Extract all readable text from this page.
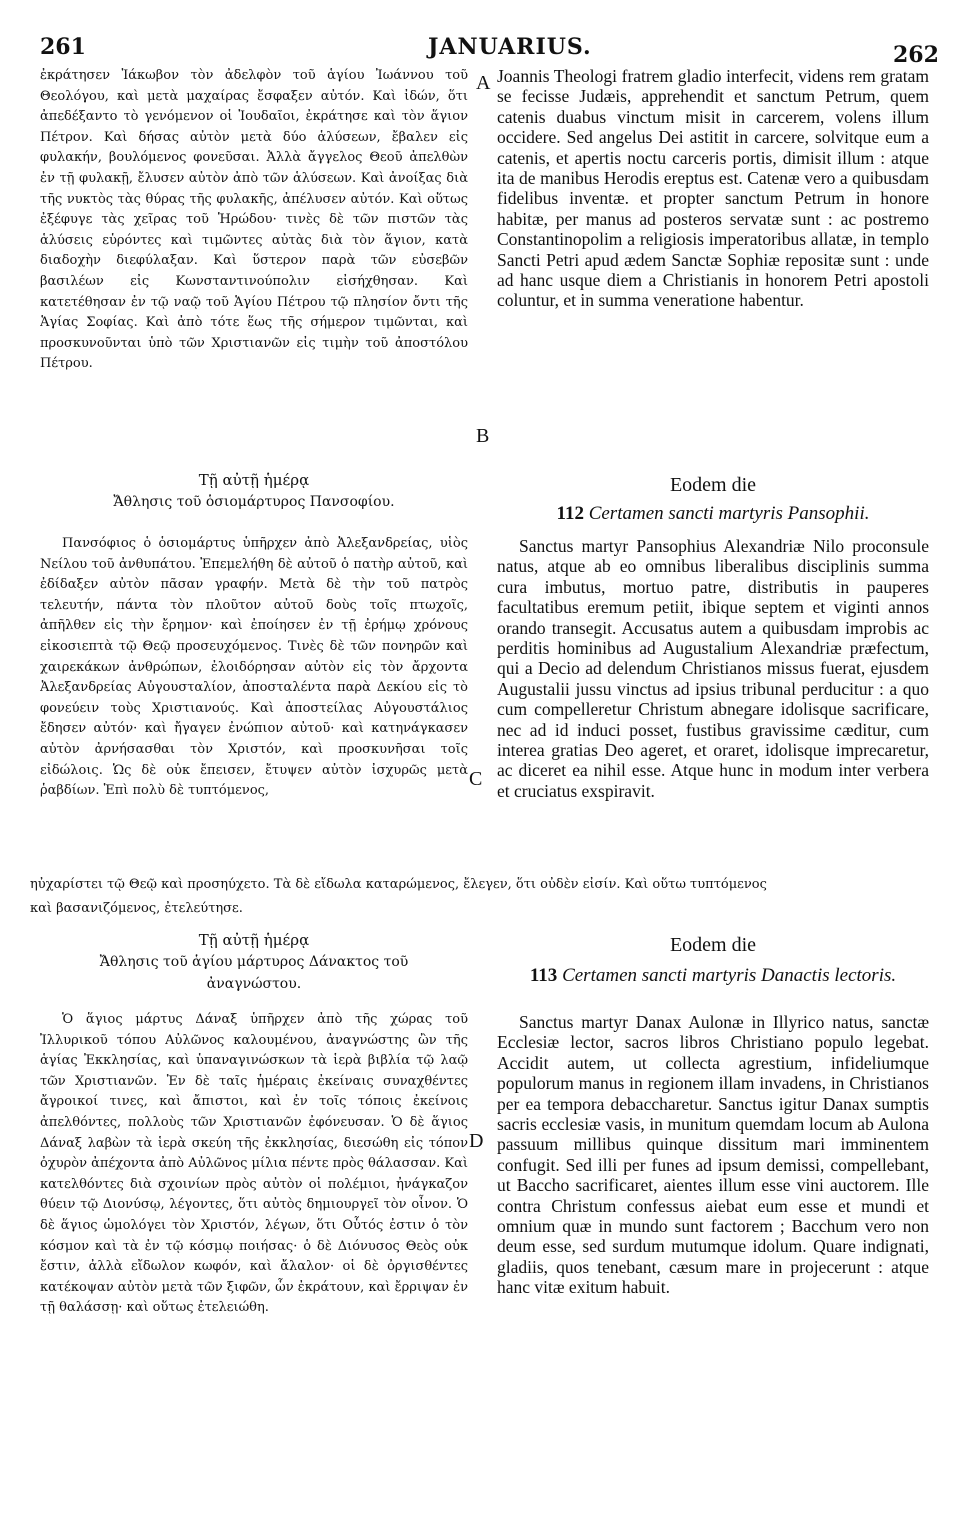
261	JANUARIUS.	262

ἐκράτησεν Ἰάκωβον τὸν ἀδελφὸν τοῦ ἁγίου Ἰωάννου τοῦ Θεολόγου, καὶ μετὰ μαχαίρας ἔσφαξεν αὐτόν. Καὶ ἰδών, ὅτι ἀπεδέξαντο τὸ γενόμενον οἱ Ἰουδαῖοι, ἐκράτησε καὶ τὸν ἅγιον Πέτρον. Καὶ δήσας αὐτὸν μετὰ δύο ἁλύσεων, ἔβαλεν εἰς φυλακήν, βουλόμενος φονεῦσαι. Ἀλλὰ ἄγγελος Θεοῦ ἀπελθὼν ἐν τῇ φυλακῇ, ἔλυσεν αὐτὸν ἀπὸ τῶν ἁλύσεων. Καὶ ἀνοίξας διὰ τῆς νυκτὸς τὰς θύρας τῆς φυλακῆς, ἀπέλυσεν αὐτόν. Καὶ οὕτως ἐξέφυγε τὰς χεῖρας τοῦ Ἡρώδου· τινὲς δὲ τῶν πιστῶν τὰς ἁλύσεις εὑρόντες καὶ τιμῶντες αὐτὰς διὰ τὸν ἅγιον, κατὰ διαδοχὴν διεφύλαξαν. Καὶ ὕστερον παρὰ τῶν εὐσεβῶν βασιλέων εἰς Κωνσταντινούπολιν εἰσήχθησαν. Καὶ κατετέθησαν ἐν τῷ ναῷ τοῦ Ἁγίου Πέτρου τῷ πλησίον ὄντι τῆς Ἁγίας Σοφίας. Καὶ ἀπὸ τότε ἕως τῆς σήμερον τιμῶνται, καὶ προσκυνοῦνται ὑπὸ τῶν Χριστιανῶν εἰς τιμὴν τοῦ ἀποστόλου Πέτρου.

A Joannis Theologi fratrem gladio interfecit, videns rem gratam se fecisse Judæis, apprehendit et sanctum Petrum, quem catenis duabus vinctum misit in carcerem, volens illum occidere. Sed angelus Dei astitit in carcere, solvitque eum a catenis, et apertis noctu carceris portis, dimisit illum : atque ita de manibus Herodis ereptus est. Catenæ vero a quibusdam fidelibus inventæ. et propter sanctum Petrum in honore habitæ, per manus ad posteros servatæ sunt : ac postremo Constantinopolim a religiosis imperatoribus allatæ, in templo Sancti Petri apud ædem Sanctæ Sophiæ repositæ sunt : unde ad hanc usque diem a Christianis in honorem Petri apostoli coluntur, et in summa veneratione habentur.

B

Τῇ αὐτῇ ἡμέρᾳ

Ἄθλησις τοῦ ὁσιομάρτυρος Πανσοφίου.

Eodem die

112 Certamen sancti martyris Pansophii.

Πανσόφιος ὁ ὁσιομάρτυς ὑπῆρχεν ἀπὸ Ἀλεξανδρείας, υἱὸς Νείλου τοῦ ἀνθυπάτου. Ἐπεμελήθη δὲ αὐτοῦ ὁ πατὴρ αὐτοῦ, καὶ ἐδίδαξεν αὐτὸν πᾶσαν γραφήν. Μετὰ δὲ τὴν τοῦ πατρὸς τελευτήν, πάντα τὸν πλοῦτον αὐτοῦ δοὺς τοῖς πτωχοῖς, ἀπῆλθεν εἰς τὴν ἔρημον· καὶ ἐποίησεν ἐν τῇ ἐρήμῳ χρόνους εἰκοσιεπτὰ τῷ Θεῷ προσευχόμενος. Τινὲς δὲ τῶν πονηρῶν καὶ χαιρεκάκων ἀνθρώπων, ἐλοιδόρησαν αὐτὸν εἰς τὸν ἄρχοντα Ἀλεξανδρείας Αὐγουσταλίον, ἀποσταλέντα παρὰ Δεκίου εἰς τὸ φονεύειν τοὺς Χριστιανούς. Καὶ ἀποστείλας Αὐγουστάλιος ἔδησεν αὐτόν· καὶ ἤγαγεν ἐνώπιον αὐτοῦ· καὶ κατηνάγκασεν αὐτὸν ἀρνήσασθαι τὸν Χριστόν, καὶ προσκυνῆσαι τοῖς εἰδώλοις. Ὡς δὲ οὐκ ἔπεισεν, ἔτυψεν αὐτὸν ἰσχυρῶς μετὰ ῥαβδίων. Ἐπὶ πολὺ δὲ τυπτόμενος,

C

Sanctus martyr Pansophius Alexandriæ Nilo proconsule natus, atque ab eo omnibus liberalibus disciplinis summa cura imbutus, mortuo patre, distributis in pauperes facultatibus eremum petiit, ibique septem et viginti annos orando transegit. Accusatus autem a quibusdam improbis ac perditis hominibus ad Augustalium Alexandriæ præfectum, qui a Decio ad delendum Christianos missus fuerat, ejusdem Augustalii jussu vinctus ad ipsius tribunal perducitur : a quo cum compelleretur Christum abnegare idolisque sacrificare, nec ad id induci posset, fustibus gravissime cæditur, cum interea gratias Deo ageret, et oraret, idolisque imprecaretur, ac diceret ea nihil esse. Atque hunc in modum inter verbera et cruciatus exspiravit.

ηὐχαρίστει τῷ Θεῷ καὶ προσηύχετο. Τὰ δὲ εἴδωλα καταρώμενος, ἔλεγεν, ὅτι οὐδὲν εἰσίν. Καὶ οὕτω τυπτόμενος
καὶ βασανιζόμενος, ἐτελεύτησε.

Τῇ αὐτῇ ἡμέρᾳ

Ἄθλησις τοῦ ἁγίου μάρτυρος Δάνακτος τοῦ ἀναγνώστου.

Eodem die

113 Certamen sancti martyris Danactis lectoris.

Ὁ ἅγιος μάρτυς Δάναξ ὑπῆρχεν ἀπὸ τῆς χώρας τοῦ Ἰλλυρικοῦ τόπου Αὐλῶνος καλουμένου, ἀναγνώστης ὢν τῆς ἁγίας Ἐκκλησίας, καὶ ὑπαναγινώσκων τὰ ἱερὰ βιβλία τῷ λαῷ τῶν Χριστιανῶν. Ἐν δὲ ταῖς ἡμέραις ἐκείναις συναχθέντες ἄγροικοί τινες, καὶ ἄπιστοι, καὶ ἐν τοῖς τόποις ἐκείνοις ἀπελθόντες, πολλοὺς τῶν Χριστιανῶν ἐφόνευσαν. Ὁ δὲ ἅγιος Δάναξ λαβὼν τὰ ἱερὰ σκεύη τῆς ἐκκλησίας, διεσώθη εἰς τόπον ὀχυρὸν ἀπέχοντα ἀπὸ Αὐλῶνος μίλια πέντε πρὸς θάλασσαν. Καὶ κατελθόντες διὰ σχοινίων πρὸς αὐτὸν οἱ πολέμιοι, ἠνάγκαζον θύειν τῷ Διονύσῳ, λέγοντες, ὅτι αὐτὸς δημιουργεῖ τὸν οἶνον. Ὁ δὲ ἅγιος ὡμολόγει τὸν Χριστόν, λέγων, ὅτι Οὗτός ἐστιν ὁ τὸν κόσμον καὶ τὰ ἐν τῷ κόσμῳ ποιήσας· ὁ δὲ Διόνυσος Θεὸς οὐκ ἔστιν, ἀλλὰ εἴδωλον κωφόν, καὶ ἄλαλον· οἱ δὲ ὀργισθέντες κατέκοψαν αὐτὸν μετὰ τῶν ξιφῶν, ὧν ἐκράτουν, καὶ ἔρριψαν ἐν τῇ θαλάσσῃ· καὶ οὕτως ἐτελειώθη.

D

Sanctus martyr Danax Aulonæ in Illyrico natus, sanctæ Ecclesiæ lector, sacros libros Christiano populo legebat. Accidit autem, ut collecta agrestium, infideliumque populorum manus in regionem illam invadens, in Christianos per ea tempora debaccharetur. Sanctus igitur Danax sumptis sacris ecclesiæ vasis, in munitum quemdam locum ab Aulona passuum millibus quinque dissitum mari imminentem confugit. Sed illi per funes ad ipsum demissi, compellebant, ut Baccho sacrificaret, aientes illum esse vini auctorem. Ille contra Christum confessus aiebat eum esse et mundi et omnium quæ in mundo sunt factorem ; Bacchum vero non deum esse, sed surdum mutumque idolum. Quare indignati, gladiis, quos tenebant, cæsum mare in projecerunt : atque hanc vitæ exitum habuit.
